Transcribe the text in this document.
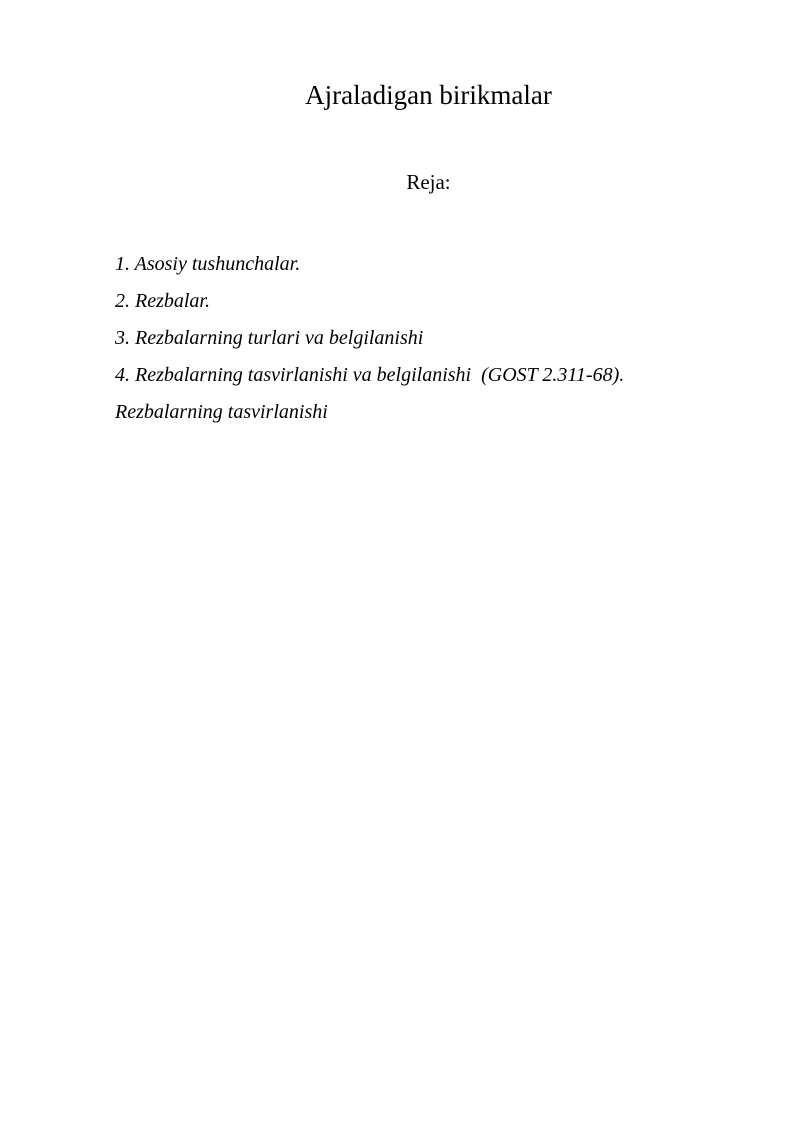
Ajraladigan birikmalar
Reja:
1. Asosiy tushunchalar.
2. Rezbalar.
3. Rezbalarning turlari va belgilanishi
4. Rezbalarning tasvirlanishi va belgilanishi  (GOST 2.311-68).
Rezbalarning tasvirlanishi
